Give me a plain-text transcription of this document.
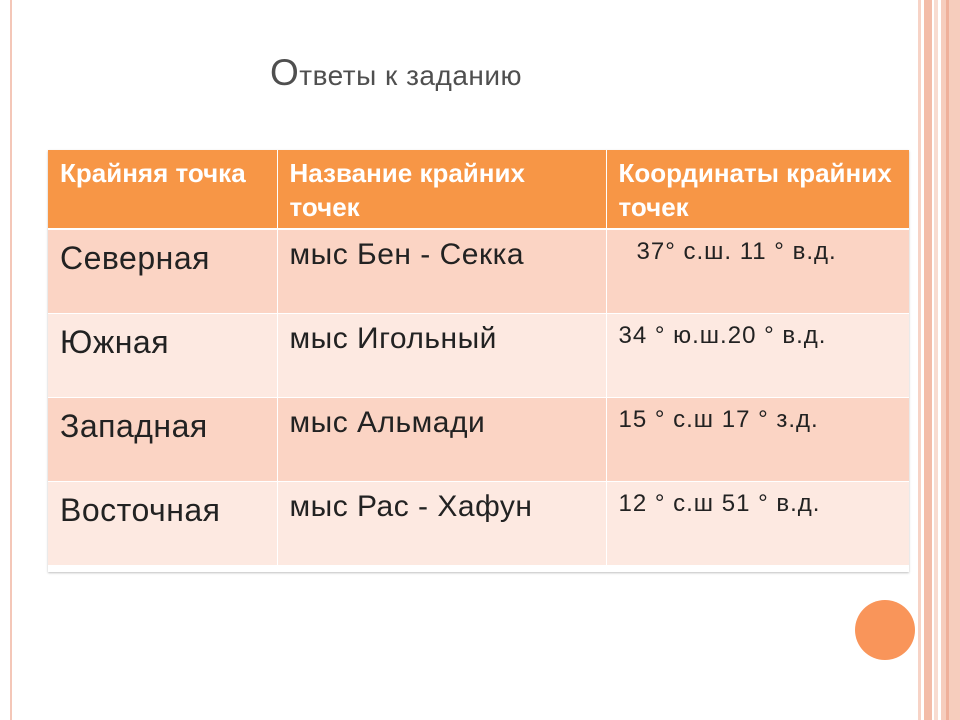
Ответы к заданию
Крайняя точка	Название крайних точек	Координаты крайних точек
Северная	мыс Бен - Секка	37° с.ш. 11 ° в.д.
Южная	мыс Игольный	34 ° ю.ш.20 ° в.д.
Западная	мыс Альмади	15 ° с.ш 17 ° з.д.
Восточная	мыс Рас - Хафун	12 ° с.ш 51 ° в.д.
